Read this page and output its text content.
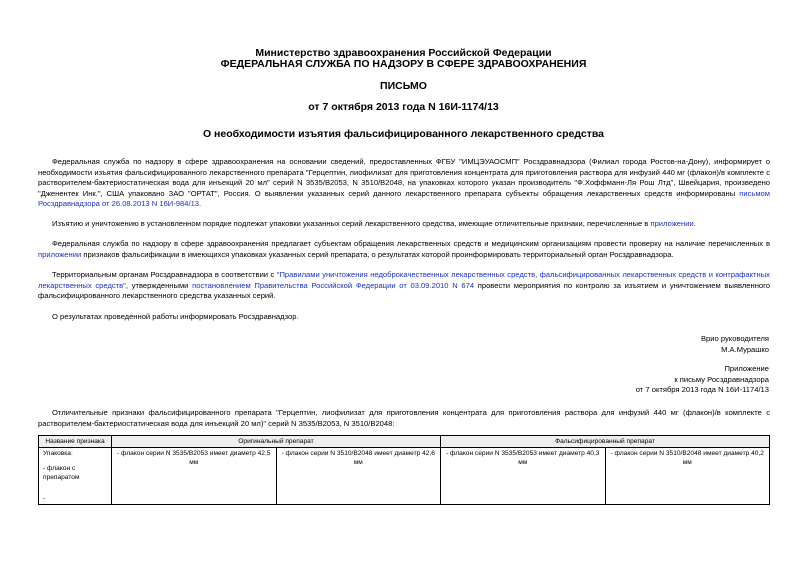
Министерство здравоохранения Российской Федерации
ФЕДЕРАЛЬНАЯ СЛУЖБА ПО НАДЗОРУ В СФЕРЕ ЗДРАВООХРАНЕНИЯ
ПИСЬМО
от 7 октября 2013 года N 16И-1174/13
О необходимости изъятия фальсифицированного лекарственного средства
Федеральная служба по надзору в сфере здравоохранения на основании сведений, предоставленных ФГБУ "ИМЦЭУАОСМП" Росздравнадзора (Филиал города Ростов-на-Дону), информирует о необходимости изъятия фальсифицированного лекарственного препарата "Герцептин, лиофилизат для приготовления концентрата для приготовления раствора для инфузий 440 мг (флакон)/в комплекте с растворителем-бактериостатическая вода для инъекций 20 мл" серий N 3535/B2053, N 3510/B2048, на упаковках которого указан производитель "Ф.Хоффманн-Ля Рош Лтд", Швейцария, произведено "Дженентек Инк.", США упаковано ЗАО "ОРТАТ", Россия. О выявлении указанных серий данного лекарственного препарата субъекты обращения лекарственных средств информированы письмом Росздравнадзора от 26.08.2013 N 16И-984/13.
Изъятию и уничтожению в установленном порядке подлежат упаковки указанных серий лекарственного средства, имеющие отличительные признаки, перечисленные в приложении.
Федеральная служба по надзору в сфере здравоохранения предлагает субъектам обращения лекарственных средств и медицинским организациям провести проверку на наличие перечисленных в приложении признаков фальсификации в имеющихся упаковках указанных серий препарата, о результатах которой проинформировать территориальный орган Росздравнадзора.
Территориальным органам Росздравнадзора в соответствии с "Правилами уничтожения недоброкачественных лекарственных средств, фальсифицированных лекарственных средств и контрафактных лекарственных средств", утвержденными постановлением Правительства Российской Федерации от 03.09.2010 N 674 провести мероприятия по контролю за изъятием и уничтожением выявленного фальсифицированного лекарственного средства указанных серий.
О результатах проведенной работы информировать Росздравнадзор.
Врио руководителя
М.А.Мурашко
Приложение
к письму Росздравнадзора
от 7 октября 2013 года N 16И-1174/13
Отличительные признаки фальсифицированного препарата "Герцептин, лиофилизат для приготовления концентрата для приготовления раствора для инфузий 440 мг (флакон)/в комплекте с растворителем-бактериостатическая вода для инъекций 20 мл)" серий N 3535/B2053, N 3510/B2048:
Название признака	Оригинальный препарат		Фальсифицированный препарат	

Упаковка:
- флакон с препаратом
-	- флакон серии N 3535/B2053 имеет диаметр 42,5 мм	- флакон серии N 3510/B2048 имеет диаметр 42,6 мм	- флакон серии N 3535/B2053 имеет диаметр 40,3 мм	- флакон серии N 3510/B2048 имеет диаметр 40,2 мм
